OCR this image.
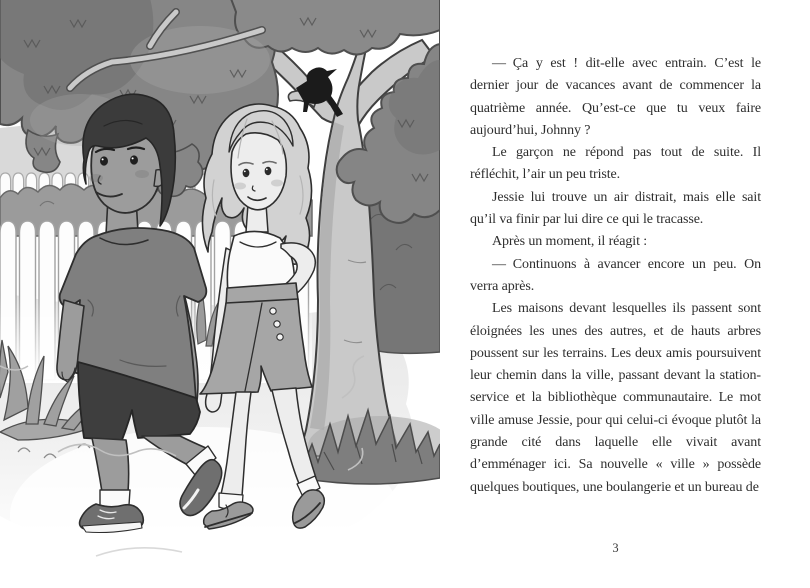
— Ça y est ! dit-elle avec entrain. C’est le dernier jour de vacances avant de commencer la quatrième année. Qu’est-ce que tu veux faire aujourd’hui, Johnny ?

Le garçon ne répond pas tout de suite. Il réfléchit, l’air un peu triste.

Jessie lui trouve un air distrait, mais elle sait qu’il va finir par lui dire ce qui le tracasse.

Après un moment, il réagit :

— Continuons à avancer encore un peu. On verra après.

Les maisons devant lesquelles ils passent sont éloignées les unes des autres, et de hauts arbres poussent sur les terrains. Les deux amis poursuivent leur chemin dans la ville, passant devant la station-service et la bibliothèque communautaire. Le mot ville amuse Jessie, pour qui celui-ci évoque plutôt la grande cité dans laquelle elle vivait avant d’emménager ici. Sa nouvelle « ville » possède quelques boutiques, une boulangerie et un bureau de

3
